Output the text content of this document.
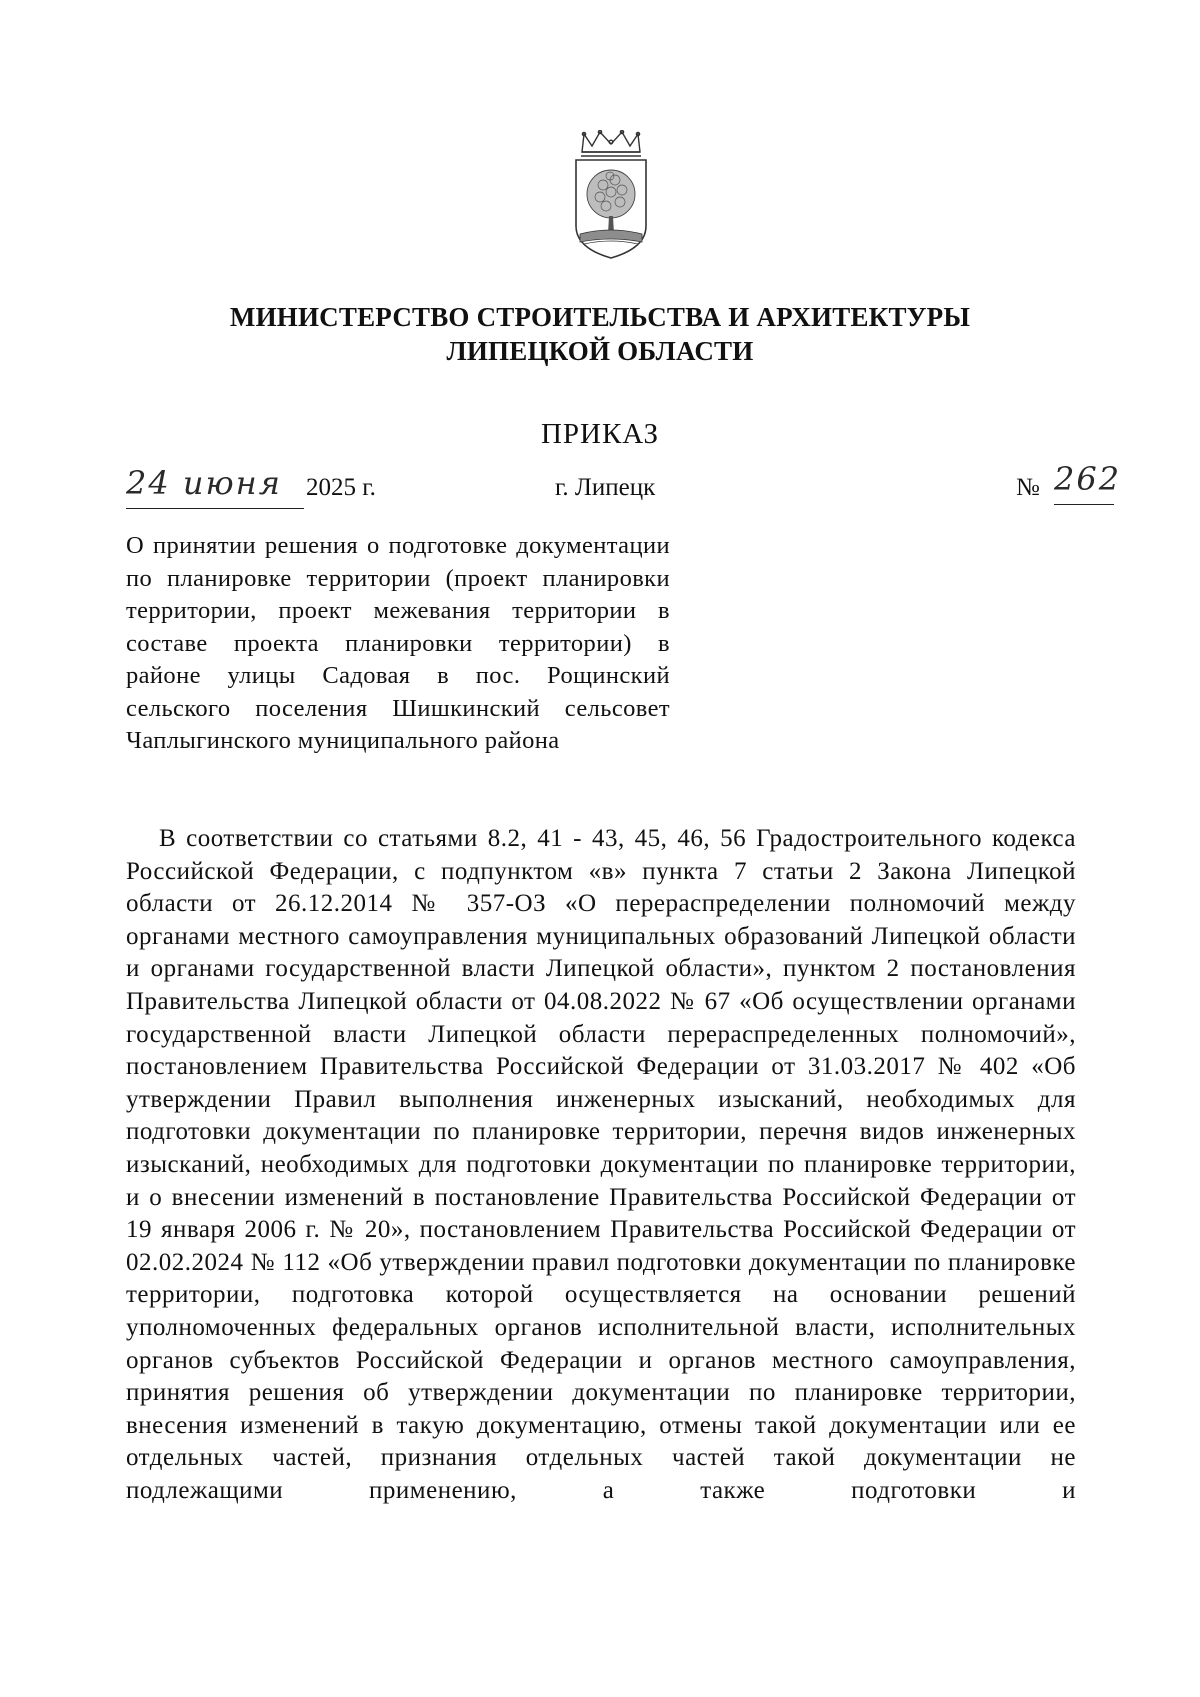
МИНИСТЕРСТВО СТРОИТЕЛЬСТВА И АРХИТЕКТУРЫ
ЛИПЕЦКОЙ ОБЛАСТИ
ПРИКАЗ
24 июня 2025 г.	г. Липецк	№ 262
О принятии решения о подготовке документации по планировке территории (проект планировки территории, проект межевания территории в составе проекта планировки территории) в районе улицы Садовая в пос. Рощинский сельского поселения Шишкинский сельсовет Чаплыгинского муниципального района
В соответствии со статьями 8.2, 41 - 43, 45, 46, 56 Градостроительного кодекса Российской Федерации, с подпунктом «в» пункта 7 статьи 2 Закона Липецкой области от 26.12.2014 № 357-ОЗ «О перераспределении полномочий между органами местного самоуправления муниципальных образований Липецкой области и органами государственной власти Липецкой области», пунктом 2 постановления Правительства Липецкой области от 04.08.2022 № 67 «Об осуществлении органами государственной власти Липецкой области перераспределенных полномочий», постановлением Правительства Российской Федерации от 31.03.2017 № 402 «Об утверждении Правил выполнения инженерных изысканий, необходимых для подготовки документации по планировке территории, перечня видов инженерных изысканий, необходимых для подготовки документации по планировке территории, и о внесении изменений в постановление Правительства Российской Федерации от 19 января 2006 г. № 20», постановлением Правительства Российской Федерации от 02.02.2024 № 112 «Об утверждении правил подготовки документации по планировке территории, подготовка которой осуществляется на основании решений уполномоченных федеральных органов исполнительной власти, исполнительных органов субъектов Российской Федерации и органов местного самоуправления, принятия решения об утверждении документации по планировке территории, внесения изменений в такую документацию, отмены такой документации или ее отдельных частей, признания отдельных частей такой документации не подлежащими применению, а также подготовки и
